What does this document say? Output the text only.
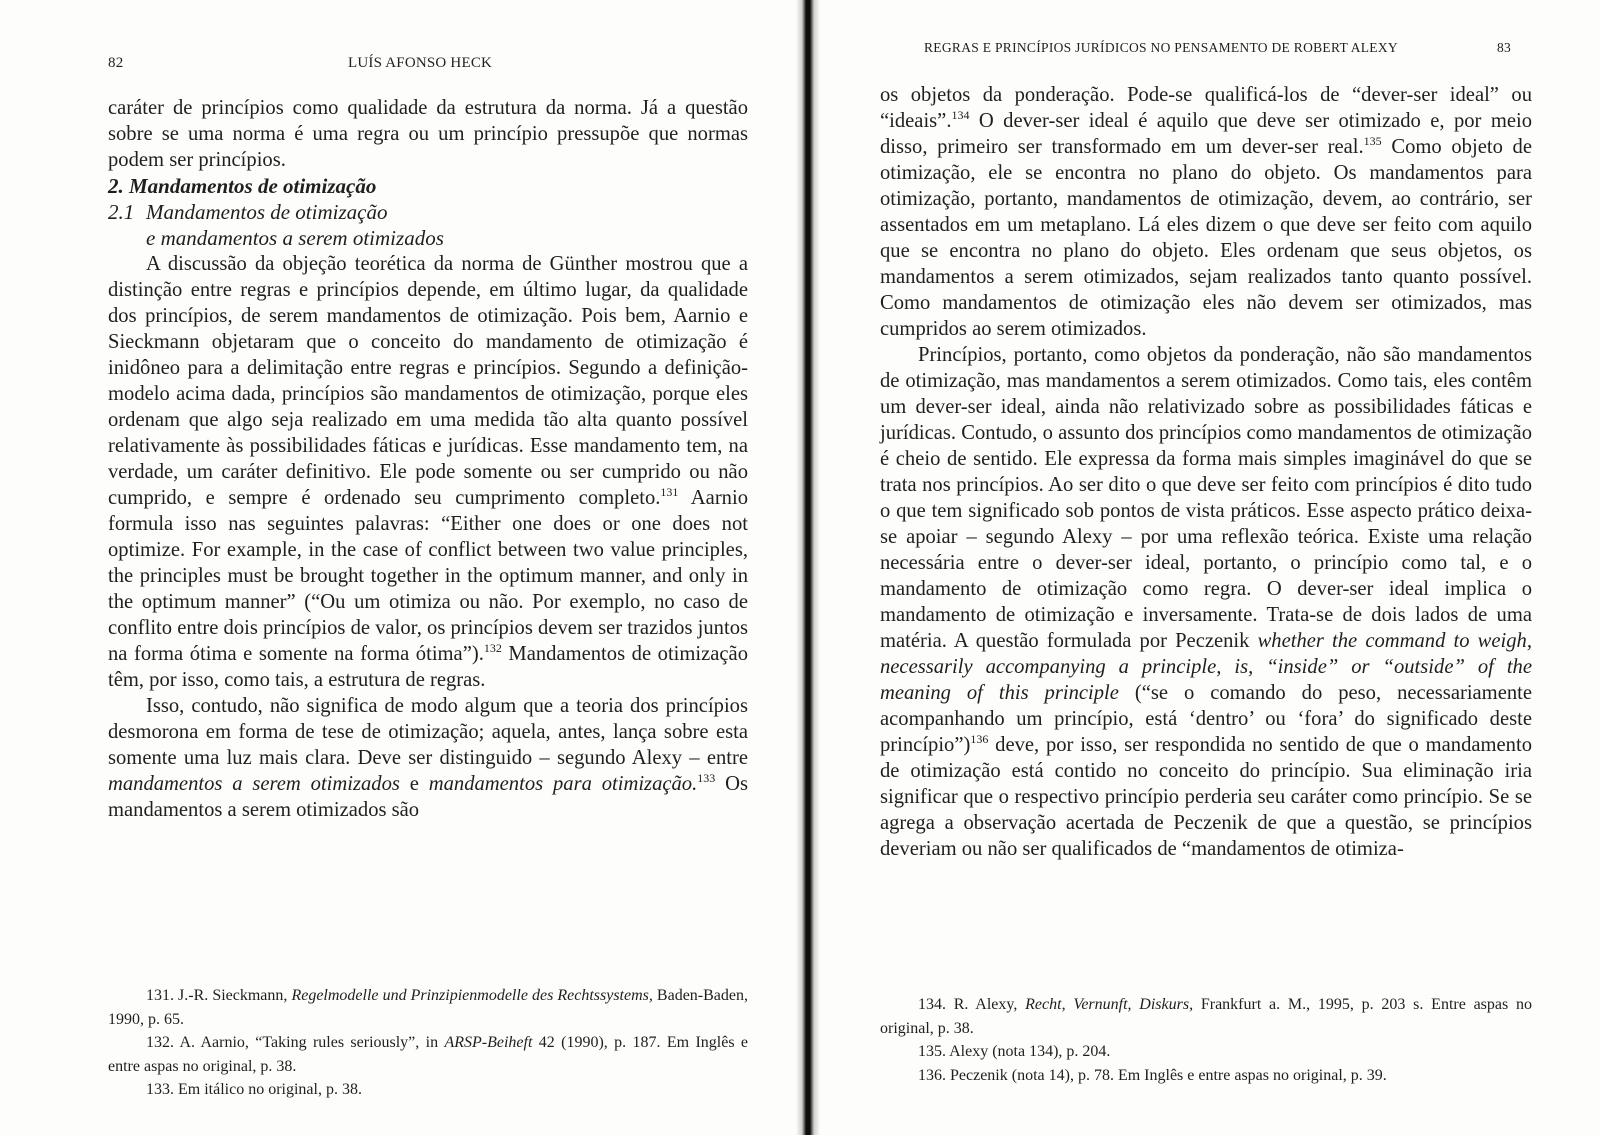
82	LUÍS AFONSO HECK

caráter de princípios como qualidade da estrutura da norma. Já a questão sobre se uma norma é uma regra ou um princípio pressupõe que normas podem ser princípios.

2. Mandamentos de otimização

2.1 Mandamentos de otimização
e mandamentos a serem otimizados

A discussão da objeção teorética da norma de Günther mostrou que a distinção entre regras e princípios depende, em último lugar, da qualidade dos princípios, de serem mandamentos de otimização. Pois bem, Aarnio e Sieckmann objetaram que o conceito do mandamento de otimização é inidôneo para a delimitação entre regras e princípios. Segundo a definição-modelo acima dada, princípios são mandamentos de otimização, porque eles ordenam que algo seja realizado em uma medida tão alta quanto possível relativamente às possibilidades fáticas e jurídicas. Esse mandamento tem, na verdade, um caráter definitivo. Ele pode somente ou ser cumprido ou não cumprido, e sempre é ordenado seu cumprimento completo.$^{131}$ Aarnio formula isso nas seguintes palavras: “Either one does or one does not optimize. For example, in the case of conflict between two value principles, the principles must be brought together in the optimum manner, and only in the optimum manner” (“Ou um otimiza ou não. Por exemplo, no caso de conflito entre dois princípios de valor, os princípios devem ser trazidos juntos na forma ótima e somente na forma ótima”).$^{132}$ Mandamentos de otimização têm, por isso, como tais, a estrutura de regras.

Isso, contudo, não significa de modo algum que a teoria dos princípios desmorona em forma de tese de otimização; aquela, antes, lança sobre esta somente uma luz mais clara. Deve ser distinguido – segundo Alexy – entre mandamentos a serem otimizados e mandamentos para otimização.$^{133}$ Os mandamentos a serem otimizados são

131. J.-R. Sieckmann, Regelmodelle und Prinzipienmodelle des Rechtssystems, Baden-Baden, 1990, p. 65.

132. A. Aarnio, “Taking rules seriously”, in ARSP-Beiheft 42 (1990), p. 187. Em Inglês e entre aspas no original, p. 38.

133. Em itálico no original, p. 38.

REGRAS E PRINCÍPIOS JURÍDICOS NO PENSAMENTO DE ROBERT ALEXY	83

os objetos da ponderação. Pode-se qualificá-los de “dever-ser ideal” ou “ideais”.$^{134}$ O dever-ser ideal é aquilo que deve ser otimizado e, por meio disso, primeiro ser transformado em um dever-ser real.$^{135}$ Como objeto de otimização, ele se encontra no plano do objeto. Os mandamentos para otimização, portanto, mandamentos de otimização, devem, ao contrário, ser assentados em um metaplano. Lá eles dizem o que deve ser feito com aquilo que se encontra no plano do objeto. Eles ordenam que seus objetos, os mandamentos a serem otimizados, sejam realizados tanto quanto possível. Como mandamentos de otimização eles não devem ser otimizados, mas cumpridos ao serem otimizados.

Princípios, portanto, como objetos da ponderação, não são mandamentos de otimização, mas mandamentos a serem otimizados. Como tais, eles contêm um dever-ser ideal, ainda não relativizado sobre as possibilidades fáticas e jurídicas. Contudo, o assunto dos princípios como mandamentos de otimização é cheio de sentido. Ele expressa da forma mais simples imaginável do que se trata nos princípios. Ao ser dito o que deve ser feito com princípios é dito tudo o que tem significado sob pontos de vista práticos. Esse aspecto prático deixa-se apoiar – segundo Alexy – por uma reflexão teórica. Existe uma relação necessária entre o dever-ser ideal, portanto, o princípio como tal, e o mandamento de otimização como regra. O dever-ser ideal implica o mandamento de otimização e inversamente. Trata-se de dois lados de uma matéria. A questão formulada por Peczenik whether the command to weigh, necessarily accompanying a principle, is, “inside” or “outside” of the meaning of this principle (“se o comando do peso, necessariamente acompanhando um princípio, está ‘dentro’ ou ‘fora’ do significado deste princípio”)$^{136}$ deve, por isso, ser respondida no sentido de que o mandamento de otimização está contido no conceito do princípio. Sua eliminação iria significar que o respectivo princípio perderia seu caráter como princípio. Se se agrega a observação acertada de Peczenik de que a questão, se princípios deveriam ou não ser qualificados de “mandamentos de otimiza-

134. R. Alexy, Recht, Vernunft, Diskurs, Frankfurt a. M., 1995, p. 203 s. Entre aspas no original, p. 38.

135. Alexy (nota 134), p. 204.

136. Peczenik (nota 14), p. 78. Em Inglês e entre aspas no original, p. 39.
